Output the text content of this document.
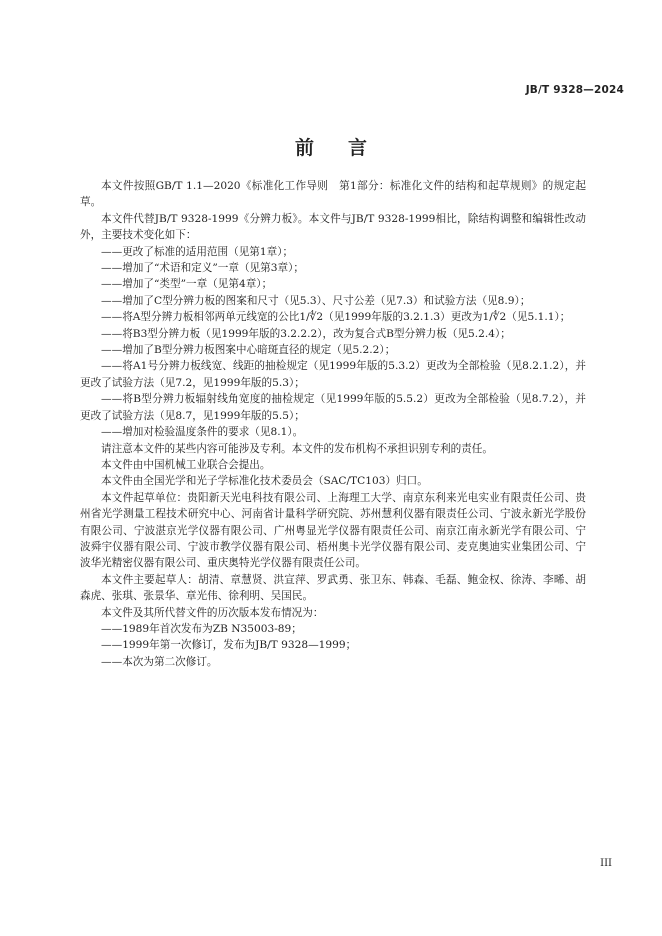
JB/T 9328—2024
前言

本文件按照GB/T 1.1—2020《标准化工作导则　第1部分：标准化文件的结构和起草规则》的规定起草。

本文件代替JB/T 9328-1999《分辨力板》。本文件与JB/T 9328-1999相比，除结构调整和编辑性改动外，主要技术变化如下：

——更改了标准的适用范围（见第1章）；

——增加了“术语和定义”一章（见第3章）；

——增加了“类型”一章（见第4章）；

——增加了C型分辨力板的图案和尺寸（见5.3）、尺寸公差（见7.3）和试验方法（见8.9）；

——将A型分辨力板相邻两单元线宽的公比1/∜2（见1999年版的3.2.1.3）更改为1/∜2（见5.1.1）；

——将B3型分辨力板（见1999年版的3.2.2.2），改为复合式B型分辨力板（见5.2.4）；

——增加了B型分辨力板图案中心暗斑直径的规定（见5.2.2）；

——将A1号分辨力板线宽、线距的抽检规定（见1999年版的5.3.2）更改为全部检验（见8.2.1.2），并更改了试验方法（见7.2，见1999年版的5.3）；

——将B型分辨力板辐射线角宽度的抽检规定（见1999年版的5.5.2）更改为全部检验（见8.7.2），并更改了试验方法（见8.7，见1999年版的5.5）；

——增加对检验温度条件的要求（见8.1）。

请注意本文件的某些内容可能涉及专利。本文件的发布机构不承担识别专利的责任。

本文件由中国机械工业联合会提出。

本文件由全国光学和光子学标准化技术委员会（SAC/TC103）归口。

本文件起草单位：贵阳新天光电科技有限公司、上海理工大学、南京东利来光电实业有限责任公司、贵州省光学测量工程技术研究中心、河南省计量科学研究院、苏州慧利仪器有限责任公司、宁波永新光学股份有限公司、宁波湛京光学仪器有限公司、广州粤显光学仪器有限责任公司、南京江南永新光学有限公司、宁波舜宇仪器有限公司、宁波市教学仪器有限公司、梧州奥卡光学仪器有限公司、麦克奥迪实业集团公司、宁波华光精密仪器有限公司、重庆奥特光学仪器有限责任公司。

本文件主要起草人：胡清、章慧贤、洪宣萍、罗武勇、张卫东、韩森、毛磊、鲍金权、徐涛、李晞、胡森虎、张琪、张景华、章光伟、徐利明、吴国民。

本文件及其所代替文件的历次版本发布情况为：

——1989年首次发布为ZB N35003-89；

——1999年第一次修订，发布为JB/T 9328—1999；

——本次为第二次修订。

III
